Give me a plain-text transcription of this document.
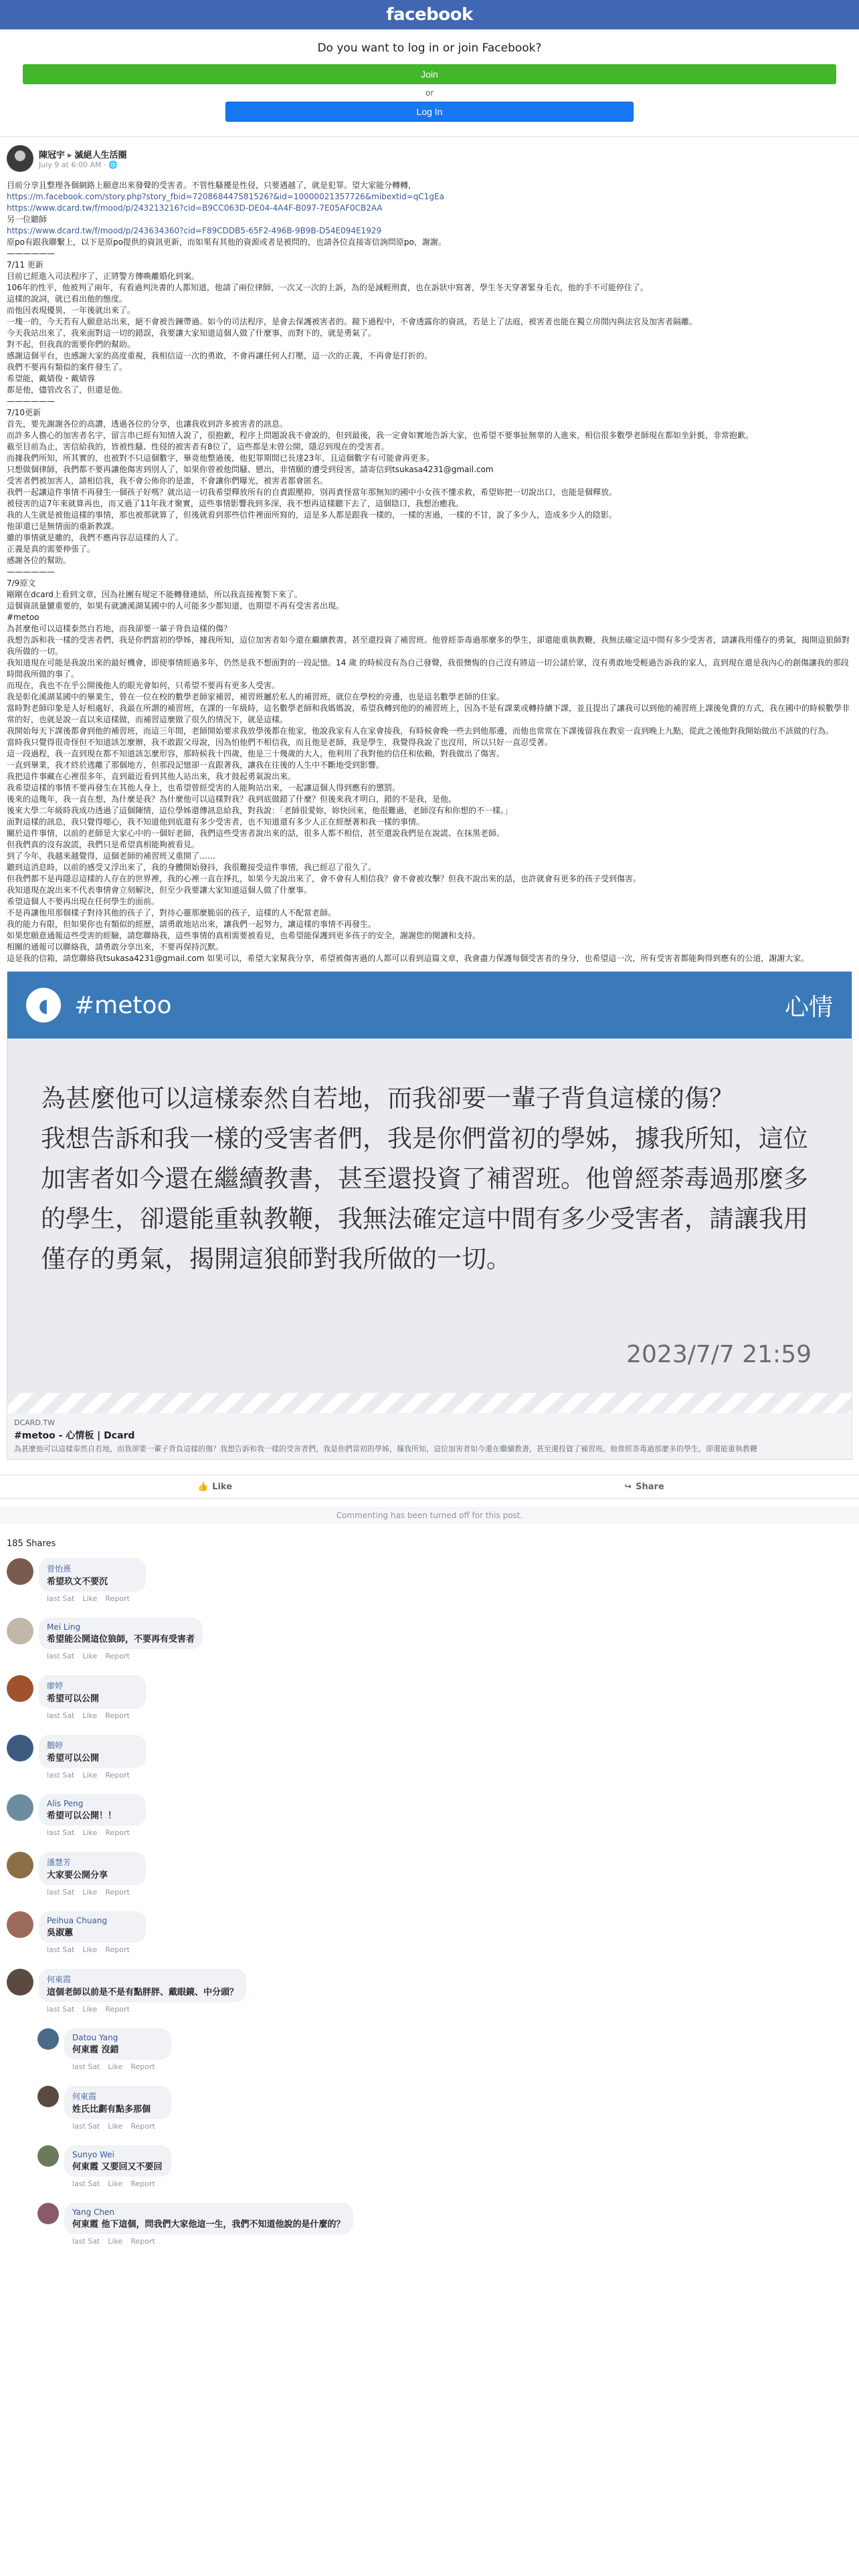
facebook
Do you want to log in or join Facebook?
Join
or
Log In
陳冠宇 ▸ 滅絕人生活圈
July 9 at 6:00 AM · 🌐

目前分享且整理各個網路上願意出來發聲的受害者。不管性騷擾是性侵，只要遇越了，就是犯罪。望大家能分轉轉，

https://m.facebook.com/story.php?story_fbid=720868447581526?&id=10000021357726&mibextid=qC1gEa

https://www.dcard.tw/f/mood/p/243213216?cid=B9CC063D-DE04-4A4F-B097-7E05AF0CB2AA

另一位聽師

https://www.dcard.tw/f/mood/p/243634360?cid=F89CDDB5-65F2-496B-9B9B-D54E094E1929

原po有跟我聯繫上，以下是原po提供的資訊更新，而如果有其他的資源或者是被問的，也請各位直接寄信詢問原po，謝謝。

——————

7/11 更新

目前已經進入司法程序了，正將警方傳喚離婚化到案。

106年的性平，他被判了兩年，有看過判決書的人都知道，他請了兩位律師，一次又一次的上訴，為的是減輕刑責，也在訴狀中寫著，學生冬天穿著緊身毛衣，他的手不可能停住了。

這樣的說詞，就已看出他的態度。

而他因表現優異，一年後就出來了。

一塊一的，今天若有人願意站出來，絕不會被告鍊帶過。如今的司法程序，是會去保護被害者的。鏡下過程中，不會透露你的資訊，若是上了法庭，被害者也能在獨立房間內與法官及加害者隔離。

今天我站出來了，我來面對這一切的錯誤，我要讓大家知道這個人做了什麼事，而對下的，就是勇氣了。

對不起，但我真的需要你們的幫助。

感謝這個平台，也感謝大家的高度重視，我相信這一次的勇敢，不會再讓任何人打壓，這一次的正義，不再會是打折的。

我們不要再有類似的案件發生了。

希望能，戴婧俊・戴婧蓉

都是他，儘管改名了，但還是他。

——————

7/10更新

首先，要先謝謝各位的高讚，透過各位的分享，也讓我收到許多被害者的訊息。

而許多人擔心的加害者名字，留言串已經有知情人說了，很抱歉，程序上問題說我不會說的，但到最後，我一定會如實地告訴大家，也希望不要事扯無辜的人進來，相信很多數學老師現在都如坐針氈，非常抱歉。

截至目前為止，害信給我的，皆被性騷、性侵的被害者有8位了，這些都是未曾公開，隱忍到現在的受害者。

而據我們所知，所其實的，也被對不只這個數字，畢竟他整過後，他犯罪期間已長達23年，且這個數字有可能會再更多。

只想做個律師，我們都不要再讓他傷害到別人了，如果你曾被他問騷、戀出，非情願的遭受到侵害，請寄信到tsukasa4231@gmail.com

受害者們被加害人，請相信我，我不會公佈你的是誰，不會讓你們曝光，被害者都會匿名。

我們一起讓這件事情不再發生一個孩子好嗎？就出這一切我希望釋放所有的自責跟壓抑，別再責怪當年那無知的國中小女孩不懂求救，希望妳把一切說出口，也能是個釋放。

被侵害的這7年來就算再也，而又過了11年我才聚實，這些事情影響我到多深，我不想再這樣聽下去了，這個陰口，我想治癒我。

我的人生就是被他這樣的事情，那也被那就算了，但後就看到那些信件裡面所寫的，這是多人都是跟我一樣的，一樣的害過，一樣的不甘，說了多少人，造成多少人的陰影。

他卻還已是無情面的重新教課。

雖的事情就是雖的，我們不應再容忍這樣的人了。

正義是真的需要伸張了。

感謝各位的幫助。

——————

7/9原文

剛剛在dcard上看到文章，因為社團有規定不能轉發連結，所以我直接複製下來了。

這個資訊量蠻重要的，如果有就讀溪湖某國中的人可能多少都知道，也期望不再有受害者出現。

#metoo

為甚麼他可以這樣泰然自若地，而我卻要一輩子背負這樣的傷？

我想告訴和我一樣的受害者們，我是你們當初的學姊，據我所知，這位加害者如今還在繼續教書，甚至還投資了補習班。他曾經荼毒過那麼多的學生，卻還能重執教鞭，我無法確定這中間有多少受害者，請讓我用僅存的勇氣，揭開這狼師對我所做的一切。

我知道現在可能是我說出來的最好機會，即使事情經過多年，仍然是我不想面對的一段記憶。14 歲 的時候沒有為自己發聲，我很懊悔的自己沒有將這一切公諸於眾，沒有勇敢地受輕過告訴我的家人，直到現在還是我內心的創傷讓我的那段時間我所做的事了。

而現在，我也不在乎公開後他人的眼光會如何，只希望不要再有更多人受害。

我是彰化溪湖某國中的畢業生，曾在一位在校的數學老師家補習，補習班屬於私人的補習班，就位在學校的旁邊，也是這名數學老師的住家。

當時對老師印象是人好相處好，我最在所謂的補習班，在課的一年級時，這名數學老師和我媽媽說，希望我轉到他的的補習班上，因為不是有課業或轉持續下課，並且提出了讓我可以到他的補習班上課後免費的方式，我在國中的時候數學非常的好，也就是說一直以來這樣做，而補習這麼做了很久的情況下，就是這樣。

我開始每天下課後都會到他的補習班，而這三年間，老師開始要求我放學後都在他家，他說我家有人在家會接我，有時候會晚一些去到他那邊，而他也常常在下課後留我在教室一直到晚上九點，從此之後他對我開始做出不該做的行為。

當時我只覺得很奇怪但不知道該怎麼辦，我不敢跟父母說，因為怕他們不相信我，而且他是老師，我是學生，我覺得我說了也沒用，所以只好一直忍受著。

這一段過程，我一直到現在都不知道該怎麼形容，那時候我十四歲，他是三十幾歲的大人，他利用了我對他的信任和依賴，對我做出了傷害。

一直到畢業，我才終於逃離了那個地方，但那段記憶卻一直跟著我，讓我在往後的人生中不斷地受到影響。

我把這件事藏在心裡很多年，直到最近看到其他人站出來，我才鼓起勇氣說出來。

我希望這樣的事情不要再發生在其他人身上，也希望曾經受害的人能夠站出來，一起讓這個人得到應有的懲罰。

後來的這幾年，我一直在想，為什麼是我？為什麼他可以這樣對我？我到底做錯了什麼？但後來我才明白，錯的不是我，是他。

後來大學二年級時我成功透過了這個陳情，這位學姊還傳訊息給我，對我說：「老師很愛妳，妳快回來，他很難過，老師沒有和你想的不一樣。」

面對這樣的訊息，我只覺得噁心，我不知道他到底還有多少受害者，也不知道還有多少人正在經歷著和我一樣的事情。

關於這件事情，以前的老師是大家心中的一個好老師，我們這些受害者說出來的話，很多人都不相信，甚至還說我們是在說謊、在抹黑老師。

但我們真的沒有說謊，我們只是希望真相能夠被看見。

到了今年，我越來越覺得，這個老師的補習班又重開了……

聽到這消息時，以前的感受又浮出來了，我的身體開始發抖，我很難接受這件事情，我已經忍了很久了。

但我們都不是再隱忍這樣的人存在的世界裡，我的心裡一直在掙扎，如果今天說出來了，會不會有人相信我？會不會被攻擊？但我不說出來的話，也許就會有更多的孩子受到傷害。

我知道現在說出來不代表事情會立刻解決，但至少我要讓大家知道這個人做了什麼事。

希望這個人不要再出現在任何學生的面前。

不是再讓他用那個樣子對待其他的孩子了，對待心靈那麼脆弱的孩子，這樣的人不配當老師。

我的能力有限，但如果你也有類似的經歷，請勇敢地站出來，讓我們一起努力，讓這樣的事情不再發生。

如果您願意通報這些受害的經驗，請您聯絡我，這些事情的真相需要被看見，也希望能保護到更多孩子的安全，謝謝您的閱讀和支持。

相關的通報可以聯絡我，請勇敢分享出來，不要再保持沉默。

這是我的信箱，請您聯絡我tsukasa4231@gmail.com 如果可以，希望大家幫我分享，希望被傷害過的人都可以看到這篇文章，我會盡力保護每個受害者的身分，也希望這一次，所有受害者都能夠得到應有的公道，謝謝大家。

◖	#metoo	心情
為甚麼他可以這樣泰然自若地，而我卻要一輩子背負這樣的傷？
我想告訴和我一樣的受害者們，我是你們當初的學姊，據我所知，這位加害者如今還在繼續教書，甚至還投資了補習班。他曾經荼毒過那麼多的學生，卻還能重執教鞭，我無法確定這中間有多少受害者，請讓我用僅存的勇氣，揭開這狼師對我所做的一切。
2023/7/7 21:59
DCARD.TW
#metoo - 心情板 | Dcard
為甚麼他可以這樣泰然自若地，而我卻要一輩子背負這樣的傷？我想告訴和我一樣的受害者們，我是你們當初的學姊，據我所知，這位加害者如今還在繼續教書，甚至還投資了補習班。他曾經荼毒過那麼多的學生，卻還能重執教鞭
👍 Like	↪ Share
Commenting has been turned off for this post.
185 Shares
曾怡熹
希望玖文不要沉
last Sat Like Report
Mei Ling
希望能公開這位狼師，不要再有受害者
last Sat Like Report
廖婷
希望可以公開
last Sat Like Report
鵝婷
希望可以公開
last Sat Like Report
Alis Peng
希望可以公開！！
last Sat Like Report
潘慧芳
大家要公開分享
last Sat Like Report
Peihua Chuang
吳淑蕙
last Sat Like Report
何東霞
這個老師以前是不是有點胖胖、戴眼鏡、中分頭？
last Sat Like Report
Datou Yang
何東霞 沒錯
last Sat Like Report
何東霞
姓氏比劃有點多那個
last Sat Like Report
Sunyo Wei
何東霞 又要回又不要回
last Sat Like Report
Yang Chen
何東霞 他下這個，問我們大家他這一生，我們不知道他說的是什麼的？
last Sat Like Report
